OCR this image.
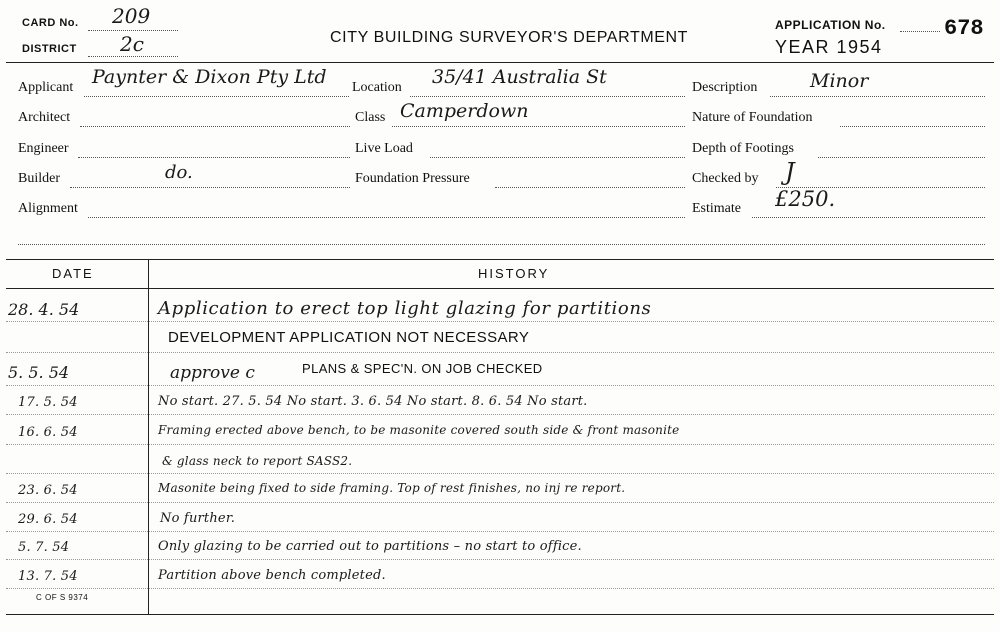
CARD No. 209
DISTRICT 2c	CITY BUILDING SURVEYOR'S DEPARTMENT
APPLICATION No.	678
YEAR 1954
Applicant Paynter & Dixon Pty Ltd Location 35/41 Australia St	Description	Minor
Architect	Class Camperdown	Nature of Foundation
Engineer	Live Load	Depth of Footings
Builder	do.	Foundation Pressure	Checked by J
Alignment	Estimate £250.
DATE	HISTORY
28. 4. 54	Application to erect top light glazing for partitions
DEVELOPMENT APPLICATION NOT NECESSARY
5. 5. 54	approve c	PLANS & SPEC'N. ON JOB CHECKED
17. 5. 54	No start. 27. 5. 54 No start. 3. 6. 54 No start. 8. 6. 54 No start.
16. 6. 54	Framing erected above bench, to be masonite covered south side & front masonite
& glass neck to report SASS2.
23. 6. 54	Masonite being fixed to side framing. Top of rest finishes, no inj re report.
29. 6. 54	No further.
5. 7. 54	Only glazing to be carried out to partitions – no start to office.
13. 7. 54	Partition above bench completed.
C OF S 9374
